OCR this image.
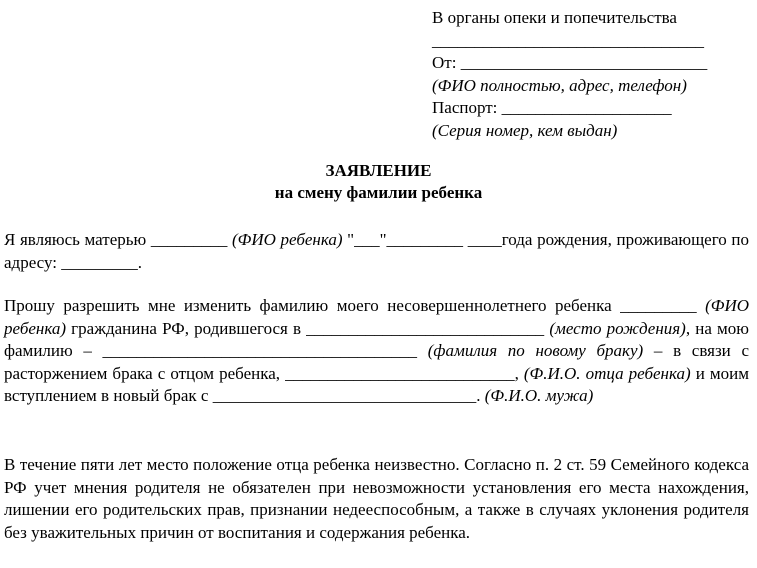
В органы опеки и попечительства
________________________________
От: _____________________________
(ФИО полностью, адрес, телефон)
Паспорт: ____________________
(Серия номер, кем выдан)
ЗАЯВЛЕНИЕ
на смену фамилии ребенка
Я являюсь матерью _________ (ФИО ребенка) "___"_________ ____года рождения, проживающего по адресу: _________.
Прошу разрешить мне изменить фамилию моего несовершеннолетнего ребенка _________ (ФИО ребенка) гражданина РФ, родившегося в ____________________________ (место рождения), на мою фамилию – _____________________________________ (фамилия по новому браку) – в связи с расторжением брака с отцом ребенка, ___________________________, (Ф.И.О. отца ребенка) и моим вступлением в новый брак с _______________________________. (Ф.И.О. мужа)
В течение пяти лет место положение отца ребенка неизвестно. Согласно п. 2 ст. 59 Семейного кодекса РФ учет мнения родителя не обязателен при невозможности установления его места нахождения, лишении его родительских прав, признании недееспособным, а также в случаях уклонения родителя без уважительных причин от воспитания и содержания ребенка.
